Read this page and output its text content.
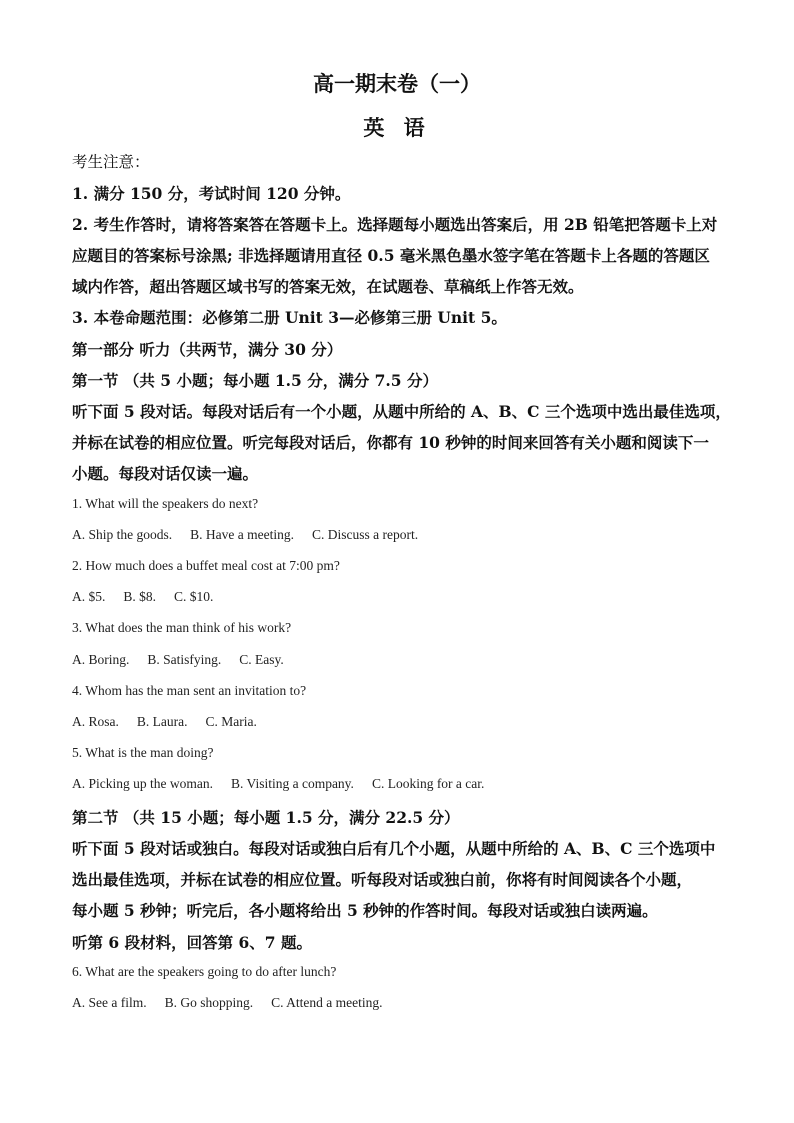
高一期末卷（一）
英 语
考生注意：
1. 满分 150 分，考试时间 120 分钟。
2. 考生作答时，请将答案答在答题卡上。选择题每小题选出答案后，用 2B 铅笔把答题卡上对
应题目的答案标号涂黑; 非选择题请用直径 0.5 毫米黑色墨水签字笔在答题卡上各题的答题区
域内作答，超出答题区域书写的答案无效，在试题卷、草稿纸上作答无效。
3. 本卷命题范围：必修第二册 Unit 3—必修第三册 Unit 5。
第一部分 听力（共两节，满分 30 分）
第一节 （共 5 小题；每小题 1.5 分，满分 7.5 分）
听下面 5 段对话。每段对话后有一个小题，从题中所给的 A、B、C 三个选项中选出最佳选项，
并标在试卷的相应位置。听完每段对话后，你都有 10 秒钟的时间来回答有关小题和阅读下一
小题。每段对话仅读一遍。
1. What will the speakers do next?
A. Ship the goods. B. Have a meeting. C. Discuss a report.
2. How much does a buffet meal cost at 7:00 pm?
A. $5. B. $8. C. $10.
3. What does the man think of his work?
A. Boring. B. Satisfying. C. Easy.
4. Whom has the man sent an invitation to?
A. Rosa. B. Laura. C. Maria.
5. What is the man doing?
A. Picking up the woman. B. Visiting a company. C. Looking for a car.
第二节 （共 15 小题；每小题 1.5 分，满分 22.5 分）
听下面 5 段对话或独白。每段对话或独白后有几个小题，从题中所给的 A、B、C 三个选项中
选出最佳选项，并标在试卷的相应位置。听每段对话或独白前，你将有时间阅读各个小题，
每小题 5 秒钟；听完后，各小题将给出 5 秒钟的作答时间。每段对话或独白读两遍。
听第 6 段材料，回答第 6、7 题。
6. What are the speakers going to do after lunch?
A. See a film. B. Go shopping. C. Attend a meeting.
